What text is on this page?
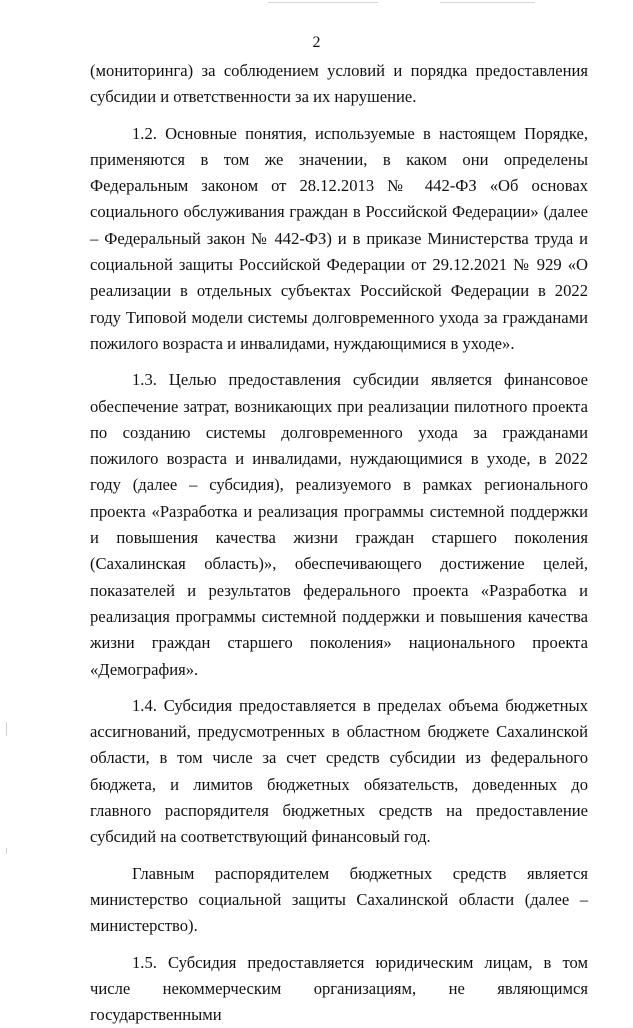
2

(мониторинга) за соблюдением условий и порядка предоставления субсидии и ответственности за их нарушение.

1.2. Основные понятия, используемые в настоящем Порядке, применяются в том же значении, в каком они определены Федеральным законом от 28.12.2013 № 442-ФЗ «Об основах социального обслуживания граждан в Российской Федерации» (далее – Федеральный закон № 442-ФЗ) и в приказе Министерства труда и социальной защиты Российской Федерации от 29.12.2021 № 929 «О реализации в отдельных субъектах Российской Федерации в 2022 году Типовой модели системы долговременного ухода за гражданами пожилого возраста и инвалидами, нуждающимися в уходе».

1.3. Целью предоставления субсидии является финансовое обеспечение затрат, возникающих при реализации пилотного проекта по созданию системы долговременного ухода за гражданами пожилого возраста и инвалидами, нуждающимися в уходе, в 2022 году (далее – субсидия), реализуемого в рамках регионального проекта «Разработка и реализация программы системной поддержки и повышения качества жизни граждан старшего поколения (Сахалинская область)», обеспечивающего достижение целей, показателей и результатов федерального проекта «Разработка и реализация программы системной поддержки и повышения качества жизни граждан старшего поколения» национального проекта «Демография».

1.4. Субсидия предоставляется в пределах объема бюджетных ассигнований, предусмотренных в областном бюджете Сахалинской области, в том числе за счет средств субсидии из федерального бюджета, и лимитов бюджетных обязательств, доведенных до главного распорядителя бюджетных средств на предоставление субсидий на соответствующий финансовый год.

Главным распорядителем бюджетных средств является министерство социальной защиты Сахалинской области (далее – министерство).

1.5. Субсидия предоставляется юридическим лицам, в том числе некоммерческим организациям, не являющимся государственными
